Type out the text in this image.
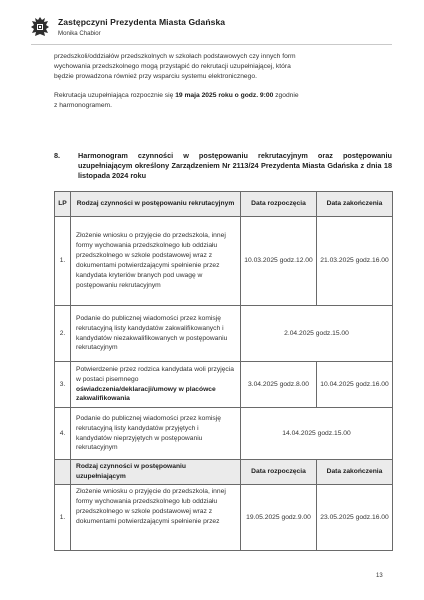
Zastępczyni Prezydenta Miasta Gdańska
Monika Chabior
przedszkoli/oddziałów przedszkolnych w szkołach podstawowych czy innych form
wychowania przedszkolnego mogą przystąpić do rekrutacji uzupełniającej, która
będzie prowadzona również przy wsparciu systemu elektronicznego.
Rekrutacja uzupełniająca rozpocznie się 19 maja 2025 roku o godz. 9:00 zgodnie
z harmonogramem.
8. Harmonogram czynności w postępowaniu rekrutacyjnym oraz postępowaniu uzupełniającym określony Zarządzeniem Nr 2113/24 Prezydenta Miasta Gdańska z dnia 18 listopada 2024 roku
LP	Rodzaj czynności w postępowaniu rekrutacyjnym	Data rozpoczęcia	Data zakończenia
1.	Złożenie wniosku o przyjęcie do przedszkola, innej formy wychowania przedszkolnego lub oddziału przedszkolnego w szkole podstawowej wraz z dokumentami potwierdzającymi spełnienie przez kandydata kryteriów branych pod uwagę w postępowaniu rekrutacyjnym	10.03.2025 godz.12.00	21.03.2025 godz.16.00
2.	Podanie do publicznej wiadomości przez komisję rekrutacyjną listy kandydatów zakwalifikowanych i kandydatów niezakwalifikowanych w postępowaniu rekrutacyjnym	2.04.2025 godz.15.00	
3.	Potwierdzenie przez rodzica kandydata woli przyjęcia w postaci pisemnego oświadczenia/deklaracji/umowy w placówce zakwalifikowania	3.04.2025 godz.8.00	10.04.2025 godz.16.00
4.	Podanie do publicznej wiadomości przez komisję rekrutacyjną listy kandydatów przyjętych i kandydatów nieprzyjętych w postępowaniu rekrutacyjnym	14.04.2025 godz.15.00	
	Rodzaj czynności w postępowaniu uzupełniającym	Data rozpoczęcia	Data zakończenia
1.	Złożenie wniosku o przyjęcie do przedszkola, innej formy wychowania przedszkolnego lub oddziału przedszkolnego w szkole podstawowej wraz z dokumentami potwierdzającymi spełnienie przez	19.05.2025 godz.9.00	23.05.2025 godz.16.00
13
